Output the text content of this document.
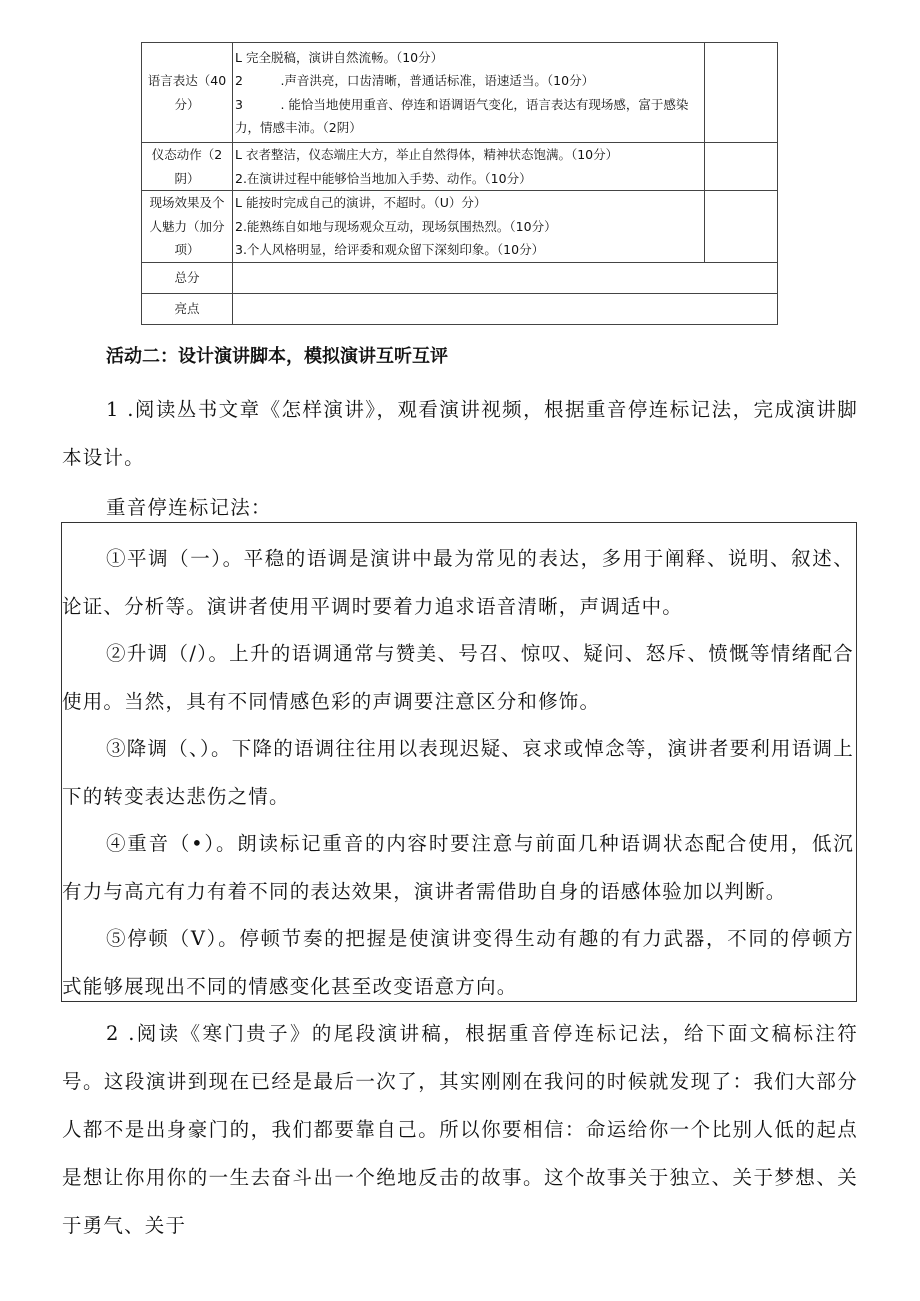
语言表达（40分）	L 完全脱稿，演讲自然流畅。（10分）
2　　　.声音洪亮，口齿清晰，普通话标准，语速适当。（10分）
3　　　. 能恰当地使用重音、停连和语调语气变化，语言表达有现场感，富于感染力，情感丰沛。（2阴）	

仪态动作（2阴）	L 衣者整洁，仪态端庄大方，举止自然得体，精神状态饱满。（10分）
2.在演讲过程中能够恰当地加入手势、动作。（10分）	

现场效果及个人魅力（加分项）	L 能按时完成自己的演讲，不超时。（U）分）
2.能熟练自如地与现场观众互动，现场氛围热烈。（10分）
3.个人风格明显，给评委和观众留下深刻印象。（10分）	

总分		
亮点		
活动二：设计演讲脚本，模拟演讲互听互评
1 .阅读丛书文章《怎样演讲》，观看演讲视频，根据重音停连标记法，完成演讲脚本设计。
重音停连标记法：

①平调（一）。平稳的语调是演讲中最为常见的表达，多用于阐释、说明、叙述、论证、分析等。演讲者使用平调时要着力追求语音清晰，声调适中。

②升调（/）。上升的语调通常与赞美、号召、惊叹、疑问、怒斥、愤慨等情绪配合使用。当然，具有不同情感色彩的声调要注意区分和修饰。

③降调（、）。下降的语调往往用以表现迟疑、哀求或悼念等，演讲者要利用语调上下的转变表达悲伤之情。

④重音（•）。朗读标记重音的内容时要注意与前面几种语调状态配合使用，低沉有力与高亢有力有着不同的表达效果，演讲者需借助自身的语感体验加以判断。

⑤停顿（V）。停顿节奏的把握是使演讲变得生动有趣的有力武器，不同的停顿方式能够展现出不同的情感变化甚至改变语意方向。

2 .阅读《寒门贵子》的尾段演讲稿，根据重音停连标记法，给下面文稿标注符号。这段演讲到现在已经是最后一次了，其实刚刚在我问的时候就发现了：我们大部分人都不是出身豪门的，我们都要靠自己。所以你要相信：命运给你一个比别人低的起点是想让你用你的一生去奋斗出一个绝地反击的故事。这个故事关于独立、关于梦想、关于勇气、关于
